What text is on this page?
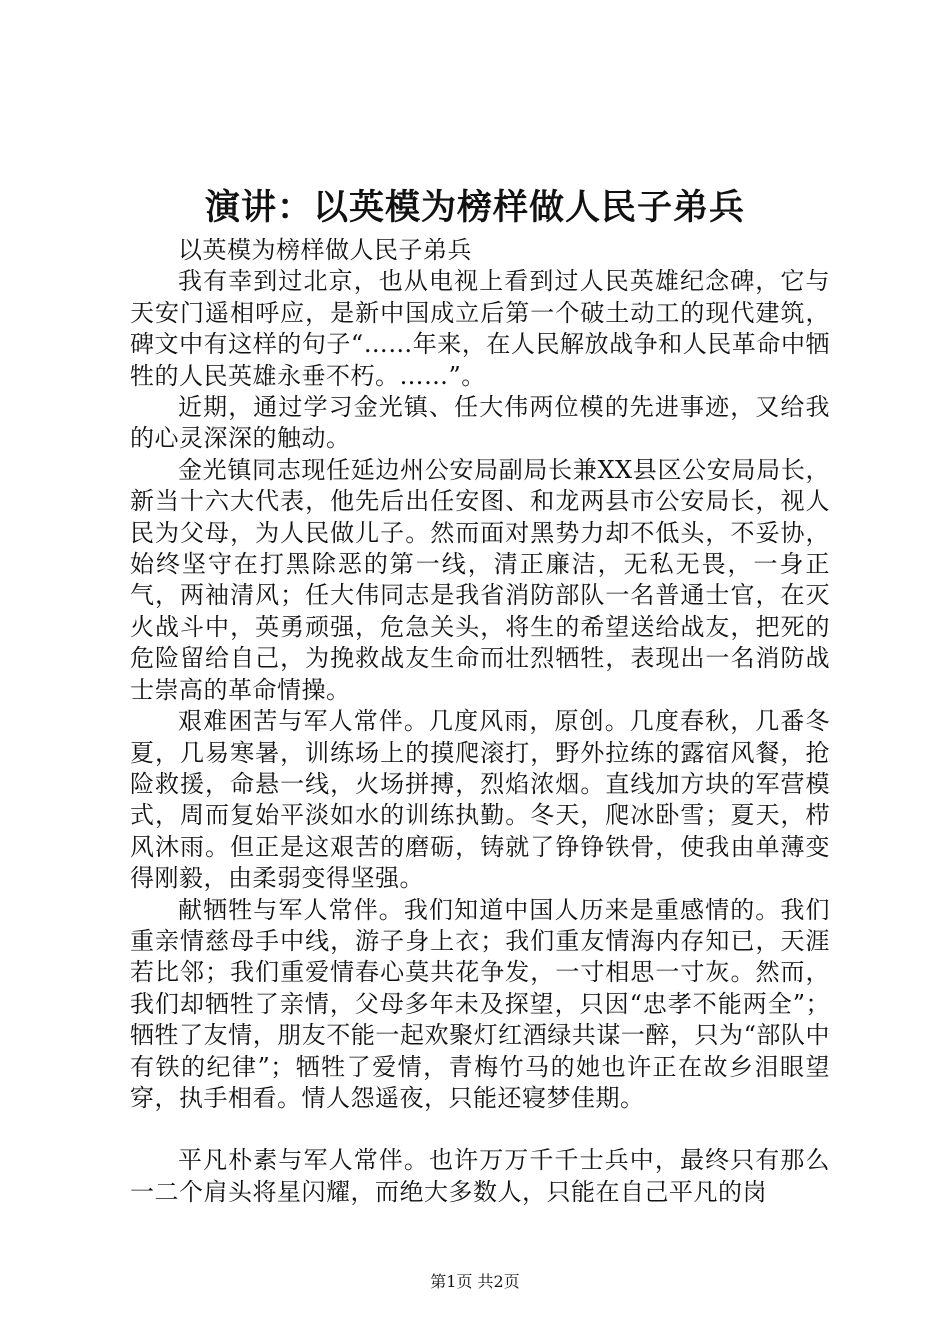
演讲：以英模为榜样做人民子弟兵

以英模为榜样做人民子弟兵

我有幸到过北京，也从电视上看到过人民英雄纪念碑，它与天安门遥相呼应，是新中国成立后第一个破土动工的现代建筑，碑文中有这样的句子“……年来，在人民解放战争和人民革命中牺牲的人民英雄永垂不朽。……”。

近期，通过学习金光镇、任大伟两位模的先进事迹，又给我的心灵深深的触动。

金光镇同志现任延边州公安局副局长兼XX县区公安局局长，新当十六大代表，他先后出任安图、和龙两县市公安局长，视人民为父母，为人民做儿子。然而面对黑势力却不低头，不妥协，始终坚守在打黑除恶的第一线，清正廉洁，无私无畏，一身正气，两袖清风；任大伟同志是我省消防部队一名普通士官，在灭火战斗中，英勇顽强，危急关头，将生的希望送给战友，把死的危险留给自己，为挽救战友生命而壮烈牺牲，表现出一名消防战士崇高的革命情操。

艰难困苦与军人常伴。几度风雨，原创。几度春秋，几番冬夏，几易寒暑，训练场上的摸爬滚打，野外拉练的露宿风餐，抢险救援，命悬一线，火场拼搏，烈焰浓烟。直线加方块的军营模式，周而复始平淡如水的训练执勤。冬天，爬冰卧雪；夏天，栉风沐雨。但正是这艰苦的磨砺，铸就了铮铮铁骨，使我由单薄变得刚毅，由柔弱变得坚强。

献牺牲与军人常伴。我们知道中国人历来是重感情的。我们重亲情慈母手中线，游子身上衣；我们重友情海内存知已，天涯若比邻；我们重爱情春心莫共花争发，一寸相思一寸灰。然而，我们却牺牲了亲情，父母多年未及探望，只因“忠孝不能两全”；牺牲了友情，朋友不能一起欢聚灯红酒绿共谋一醉，只为“部队中有铁的纪律”；牺牲了爱情，青梅竹马的她也许正在故乡泪眼望穿，执手相看。情人怨遥夜，只能还寝梦佳期。

平凡朴素与军人常伴。也许万万千千士兵中，最终只有那么一二个肩头将星闪耀，而绝大多数人，只能在自己平凡的岗

第1页 共2页
